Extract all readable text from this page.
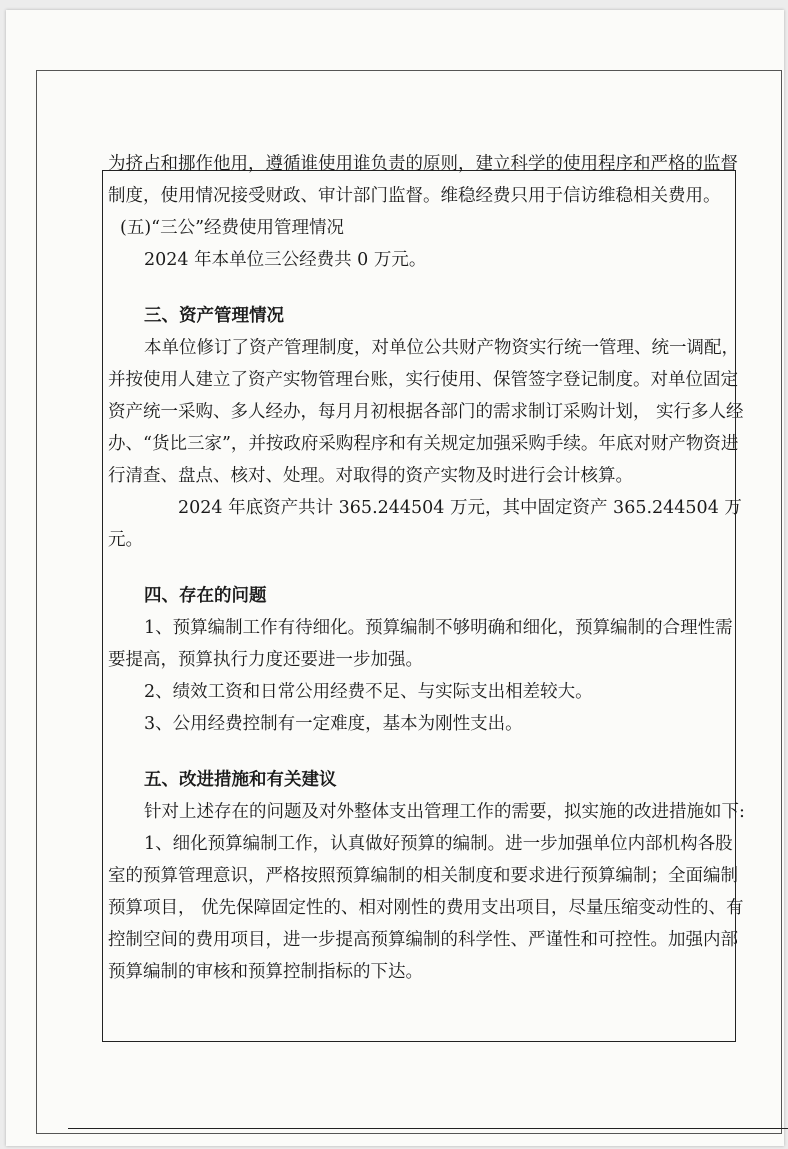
为挤占和挪作他用，遵循谁使用谁负责的原则，建立科学的使用程序和严格的监督制度，使用情况接受财政、审计部门监督。维稳经费只用于信访维稳相关费用。

(五)“三公”经费使用管理情况

2024 年本单位三公经费共 0 万元。

三、资产管理情况

本单位修订了资产管理制度，对单位公共财产物资实行统一管理、统一调配，并按使用人建立了资产实物管理台账，实行使用、保管签字登记制度。对单位固定资产统一采购、多人经办，每月月初根据各部门的需求制订采购计划， 实行多人经办、“货比三家”，并按政府采购程序和有关规定加强采购手续。年底对财产物资进行清查、盘点、核对、处理。对取得的资产实物及时进行会计核算。

2024 年底资产共计 365.244504 万元，其中固定资产 365.244504 万元。

四、存在的问题

1、预算编制工作有待细化。预算编制不够明确和细化，预算编制的合理性需要提高，预算执行力度还要进一步加强。

2、绩效工资和日常公用经费不足、与实际支出相差较大。

3、公用经费控制有一定难度，基本为刚性支出。

五、改进措施和有关建议

针对上述存在的问题及对外整体支出管理工作的需要，拟实施的改进措施如下:

1、细化预算编制工作，认真做好预算的编制。进一步加强单位内部机构各股室的预算管理意识，严格按照预算编制的相关制度和要求进行预算编制；全面编制预算项目， 优先保障固定性的、相对刚性的费用支出项目，尽量压缩变动性的、有控制空间的费用项目，进一步提高预算编制的科学性、严谨性和可控性。加强内部预算编制的审核和预算控制指标的下达。
